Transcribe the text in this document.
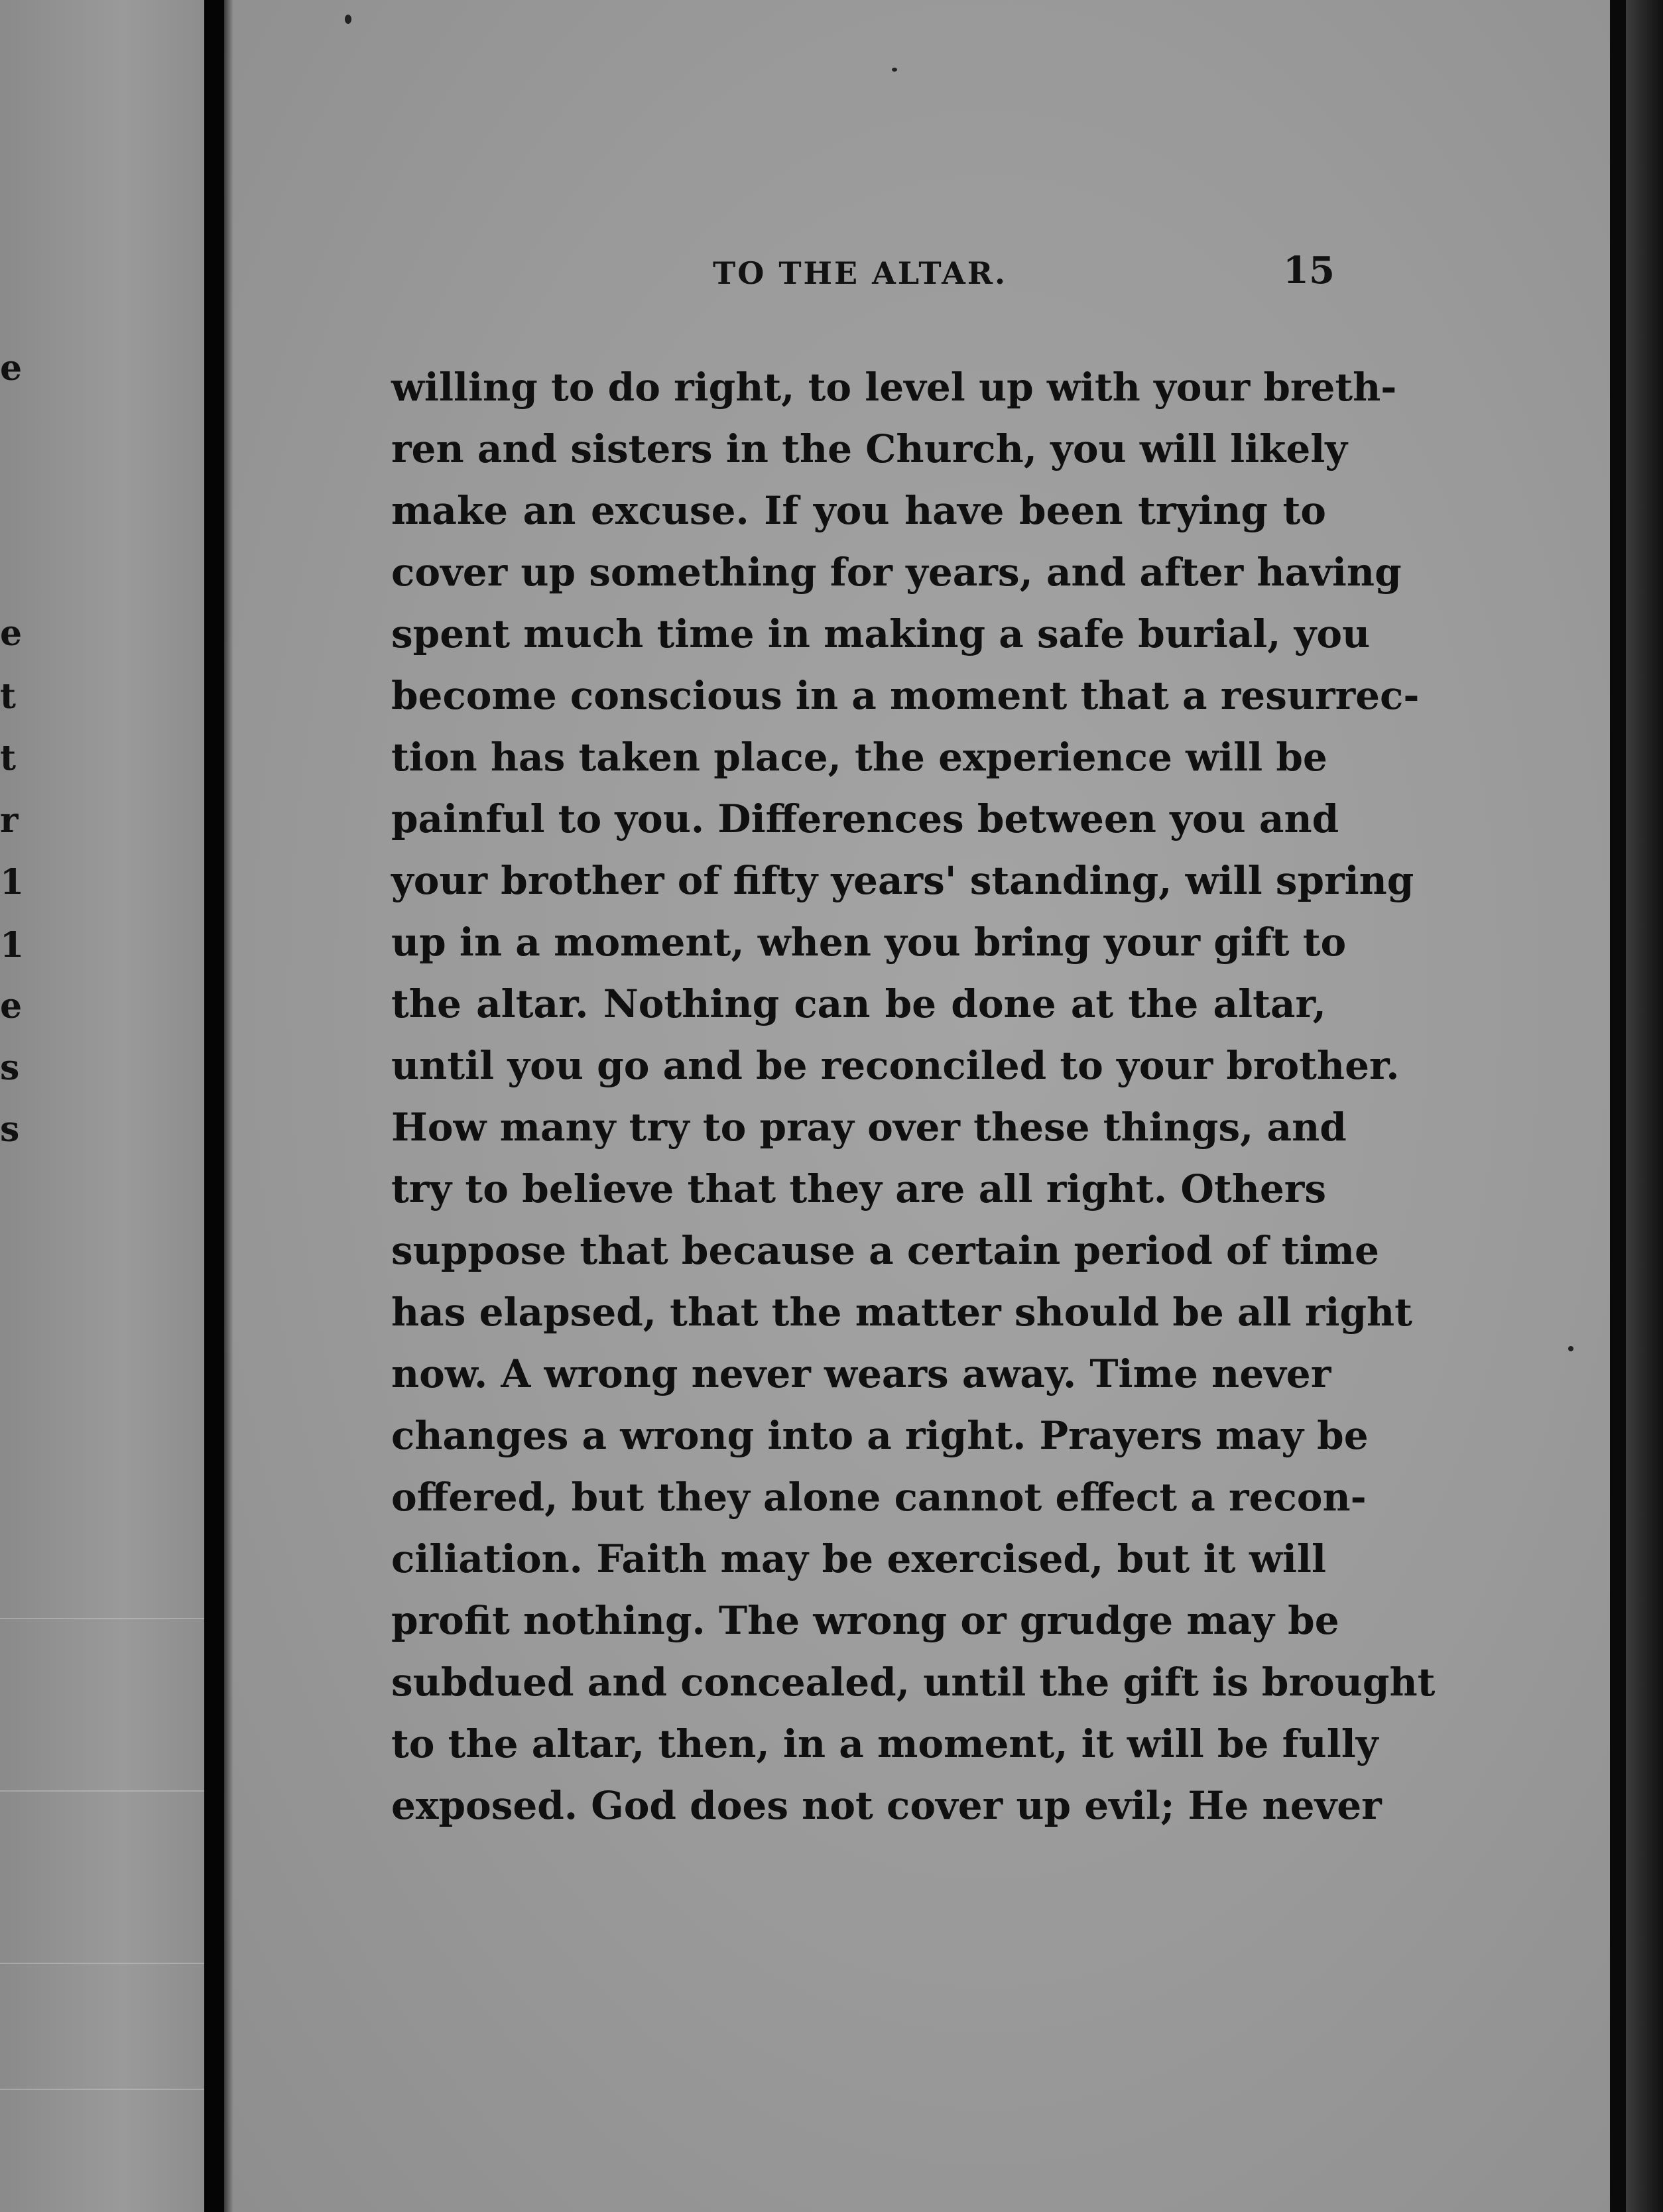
e
e
t
t
r
1
1
e
s
s
TO THE ALTAR.	15
willing to do right, to level up with your breth-
ren and sisters in the Church, you will likely
make an excuse. If you have been trying to
cover up something for years, and after having
spent much time in making a safe burial, you
become conscious in a moment that a resurrec-
tion has taken place, the experience will be
painful to you. Differences between you and
your brother of fifty years' standing, will spring
up in a moment, when you bring your gift to
the altar. Nothing can be done at the altar,
until you go and be reconciled to your brother.
How many try to pray over these things, and
try to believe that they are all right. Others
suppose that because a certain period of time
has elapsed, that the matter should be all right
now. A wrong never wears away. Time never
changes a wrong into a right. Prayers may be
offered, but they alone cannot effect a recon-
ciliation. Faith may be exercised, but it will
profit nothing. The wrong or grudge may be
subdued and concealed, until the gift is brought
to the altar, then, in a moment, it will be fully
exposed. God does not cover up evil; He never
